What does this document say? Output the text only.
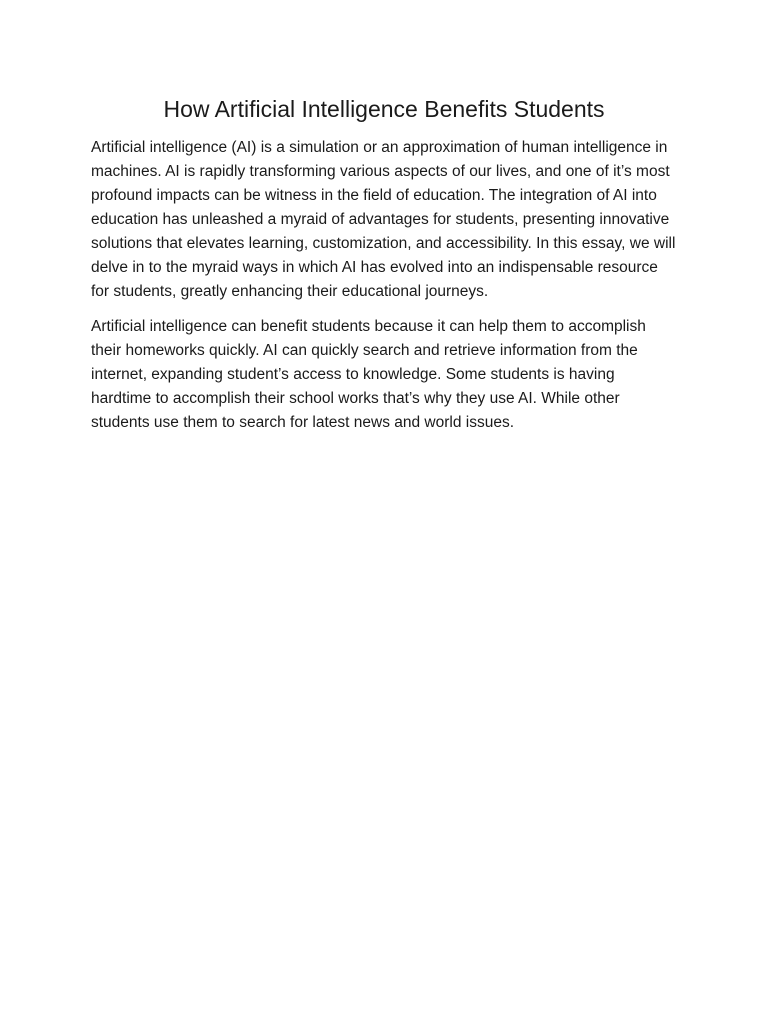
How Artificial Intelligence Benefits Students

Artificial intelligence (AI) is a simulation or an approximation of human intelligence in machines. AI is rapidly transforming various aspects of our lives, and one of it’s most profound impacts can be witness in the field of education. The integration of AI into education has unleashed a myraid of advantages for students, presenting innovative solutions that elevates learning, customization, and accessibility. In this essay, we will delve in to the myraid ways in which AI has evolved into an indispensable resource for students, greatly enhancing their educational journeys.

Artificial intelligence can benefit students because it can help them to accomplish their homeworks quickly. AI can quickly search and retrieve information from the internet, expanding student’s access to knowledge. Some students is having hardtime to accomplish their school works that’s why they use AI. While other students use them to search for latest news and world issues.
